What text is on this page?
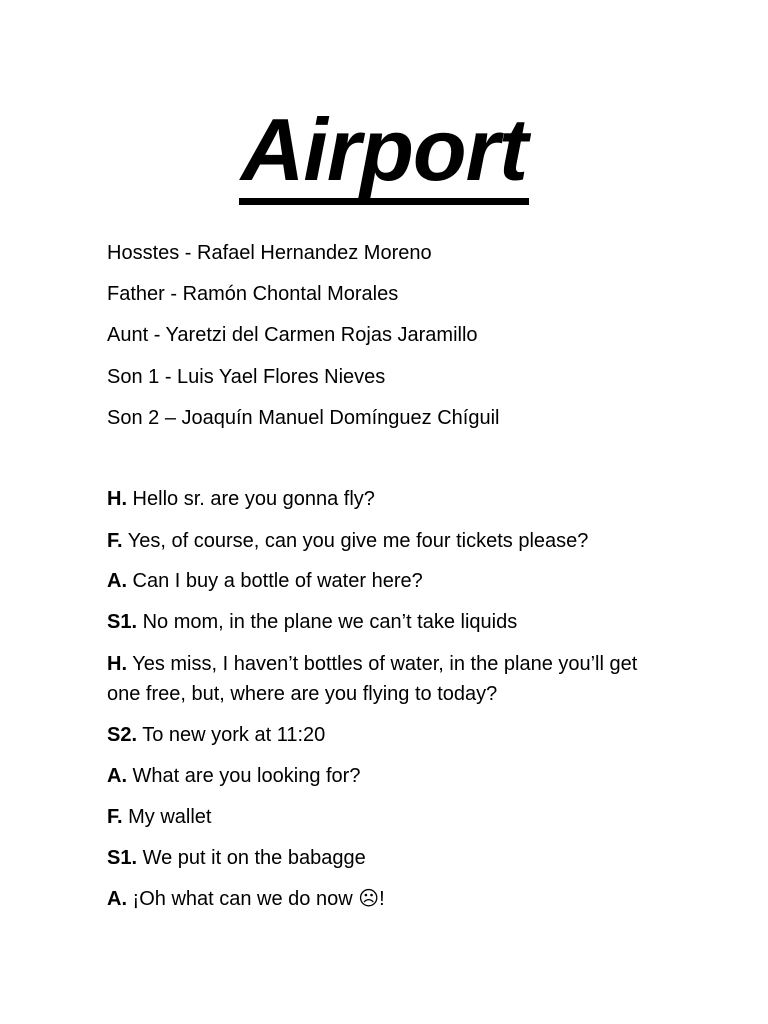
Airport
Hosstes - Rafael Hernandez Moreno
Father - Ramón Chontal Morales
Aunt - Yaretzi del Carmen Rojas Jaramillo
Son 1 - Luis Yael Flores Nieves
Son 2 – Joaquín Manuel Domínguez Chíguil
H. Hello sr. are you gonna fly?
F. Yes, of course, can you give me four tickets please?
A. Can I buy a bottle of water here?
S1. No mom, in the plane we can’t take liquids
H. Yes miss, I haven’t bottles of water, in the plane you’ll get one free, but, where are you flying to today?
S2. To new york at 11:20
A. What are you looking for?
F. My wallet
S1. We put it on the babagge
A. ¡Oh what can we do now ☹!
